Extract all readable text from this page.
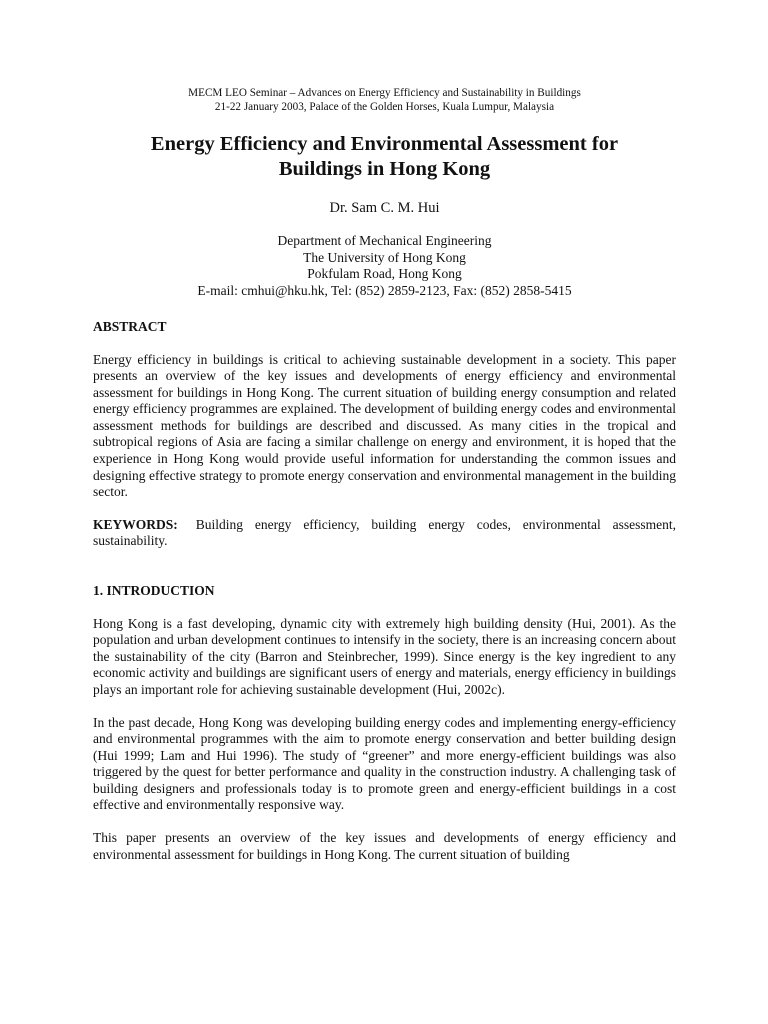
MECM LEO Seminar – Advances on Energy Efficiency and Sustainability in Buildings

21-22 January 2003, Palace of the Golden Horses, Kuala Lumpur, Malaysia

Energy Efficiency and Environmental Assessment for
Buildings in Hong Kong

Dr. Sam C. M. Hui

Department of Mechanical Engineering

The University of Hong Kong

Pokfulam Road, Hong Kong

E-mail: cmhui@hku.hk, Tel: (852) 2859-2123, Fax: (852) 2858-5415

ABSTRACT

Energy efficiency in buildings is critical to achieving sustainable development in a society. This paper presents an overview of the key issues and developments of energy efficiency and environmental assessment for buildings in Hong Kong. The current situation of building energy consumption and related energy efficiency programmes are explained. The development of building energy codes and environmental assessment methods for buildings are described and discussed. As many cities in the tropical and subtropical regions of Asia are facing a similar challenge on energy and environment, it is hoped that the experience in Hong Kong would provide useful information for understanding the common issues and designing effective strategy to promote energy conservation and environmental management in the building sector.

KEYWORDS: Building energy efficiency, building energy codes, environmental assessment, sustainability.

1. INTRODUCTION

Hong Kong is a fast developing, dynamic city with extremely high building density (Hui, 2001). As the population and urban development continues to intensify in the society, there is an increasing concern about the sustainability of the city (Barron and Steinbrecher, 1999). Since energy is the key ingredient to any economic activity and buildings are significant users of energy and materials, energy efficiency in buildings plays an important role for achieving sustainable development (Hui, 2002c).

In the past decade, Hong Kong was developing building energy codes and implementing energy-efficiency and environmental programmes with the aim to promote energy conservation and better building design (Hui 1999; Lam and Hui 1996). The study of “greener” and more energy-efficient buildings was also triggered by the quest for better performance and quality in the construction industry. A challenging task of building designers and professionals today is to promote green and energy-efficient buildings in a cost effective and environmentally responsive way.

This paper presents an overview of the key issues and developments of energy efficiency and environmental assessment for buildings in Hong Kong. The current situation of building
